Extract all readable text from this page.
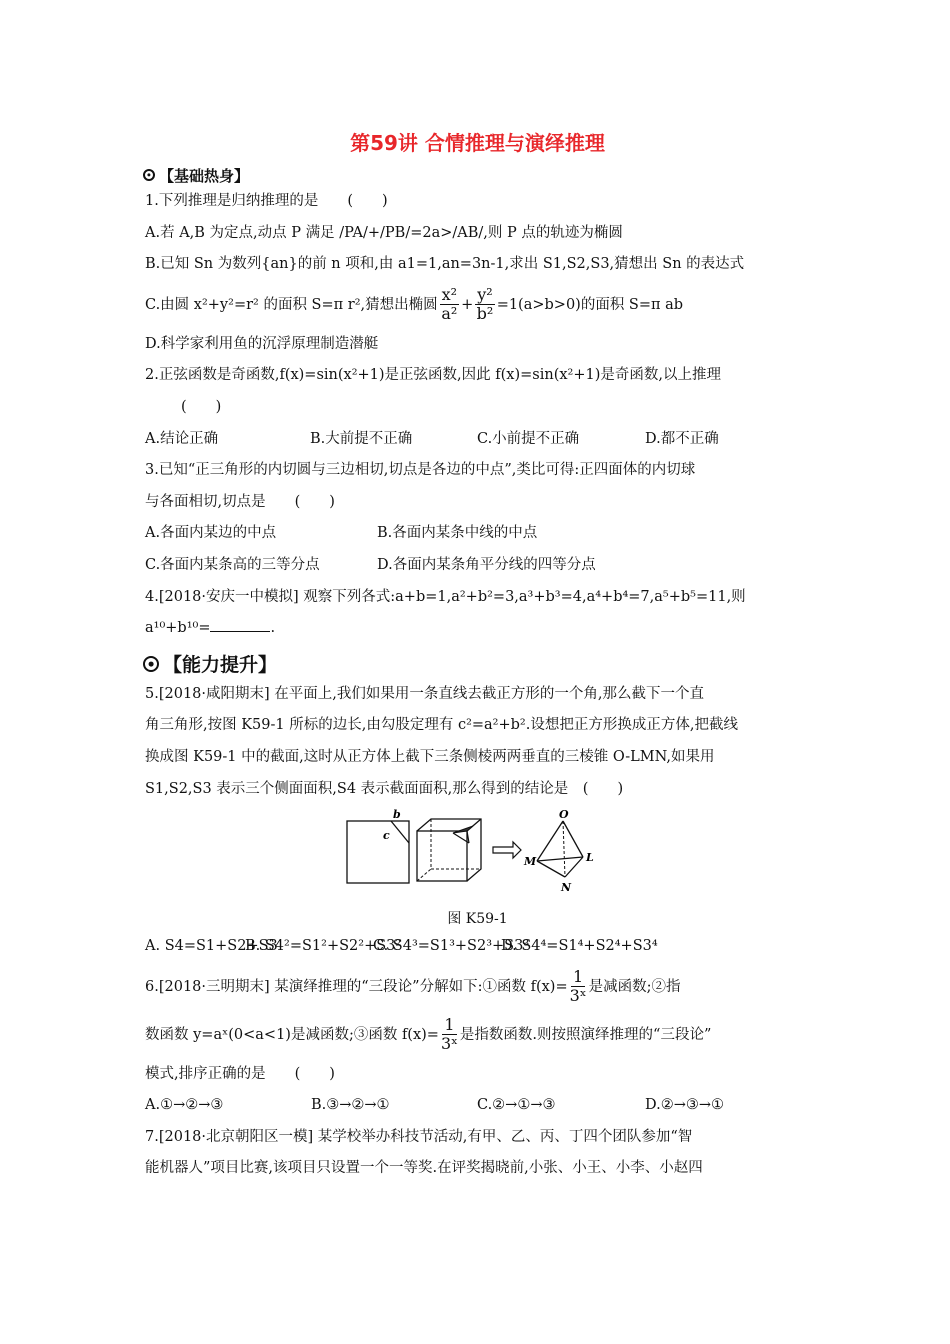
第59讲 合情推理与演绎推理
【基础热身】
1.下列推理是归纳推理的是　　(　　)
A.若 A,B 为定点,动点 P 满足 /PA/+/PB/=2a>/AB/,则 P 点的轨迹为椭圆
B.已知 Sn 为数列{an}的前 n 项和,由 a1=1,an=3n-1,求出 S1,S2,S3,猜想出 Sn 的表达式
C.由圆 x²+y²=r² 的面积 S=π r²,猜想出椭圆 $\frac{\text{x²}}{\text{a²}} + \frac{\text{y²}}{\text{b²}} =1(a>b>0)$的面积 S=π ab
D.科学家利用鱼的沉浮原理制造潜艇
2.正弦函数是奇函数,f(x)=sin(x²+1)是正弦函数,因此 f(x)=sin(x²+1)是奇函数,以上推理
(　　)
A.结论正确	B.大前提不正确	C.小前提不正确	D.都不正确
3.已知“正三角形的内切圆与三边相切,切点是各边的中点”,类比可得:正四面体的内切球
与各面相切,切点是　　(　　)
A.各面内某边的中点	B.各面内某条中线的中点
C.各面内某条高的三等分点	D.各面内某条角平分线的四等分点
4.[2018·安庆一中模拟] 观察下列各式:a+b=1,a²+b²=3,a³+b³=4,a⁴+b⁴=7,a⁵+b⁵=11,则
a¹⁰+b¹⁰=	.
【能力提升】
5.[2018·咸阳期末] 在平面上,我们如果用一条直线去截正方形的一个角,那么截下一个直
角三角形,按图 K59-1 所标的边长,由勾股定理有 c²=a²+b².设想把正方形换成正方体,把截线
换成图 K59-1 中的截面,这时从正方体上截下三条侧棱两两垂直的三棱锥 O-LMN,如果用
S1,S2,S3 表示三个侧面面积,S4 表示截面面积,那么得到的结论是　(　　)
b
c
O
M	L
N
图 K59-1
A. S4=S1+S2+S3
B. S4²=S1²+S2²+S3²
C. S4³=S1³+S2³+S3³
D. S4⁴=S1⁴+S2⁴+S3⁴
6.[2018·三明期末] 某演绎推理的“三段论”分解如下:①函数 $f(x)= \frac{1}{\text{3ˣ}}$ 是减函数;②指
数函数 y=aˣ(0<a<1)是减函数;③函数 $f(x)= \frac{1}{\text{3ˣ}}$ 是指数函数.则按照演绎推理的“三段论”
模式,排序正确的是　　(　　)
A.①→②→③	B.③→②→①	C.②→①→③	D.②→③→①
7.[2018·北京朝阳区一模] 某学校举办科技节活动,有甲、乙、丙、丁四个团队参加“智
能机器人”项目比赛,该项目只设置一个一等奖.在评奖揭晓前,小张、小王、小李、小赵四
